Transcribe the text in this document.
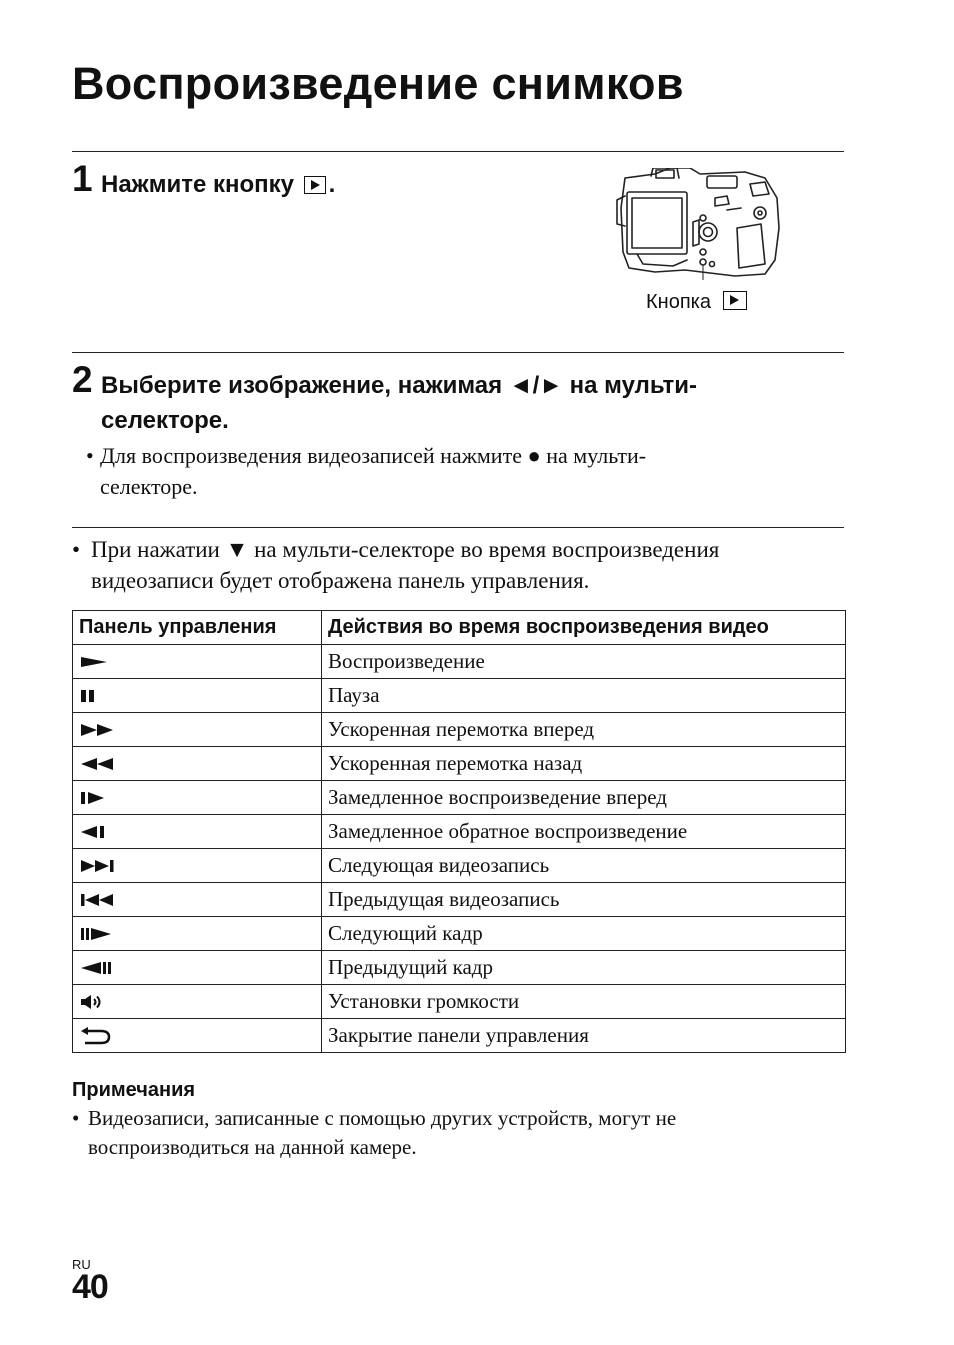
Воспроизведение снимков
1 Нажмите кнопку .
Кнопка
2 Выберите изображение, нажимая ◄/► на мульти-
селекторе.
• Для воспроизведения видеозаписей нажмите ● на мульти-
селекторе.
• При нажатии ▼ на мульти-селекторе во время воспроизведения
видеозаписи будет отображена панель управления.
Панель управления	Действия во время воспроизведения видео

	Воспроизведение

	Пауза

	Ускоренная перемотка вперед

	Ускоренная перемотка назад

	Замедленное воспроизведение вперед

	Замедленное обратное воспроизведение

	Следующая видеозапись

	Предыдущая видеозапись

	Следующий кадр

	Предыдущий кадр

	Установки громкости

	Закрытие панели управления
Примечания
• Видеозаписи, записанные с помощью других устройств, могут не
воспроизводиться на данной камере.
RU
40
